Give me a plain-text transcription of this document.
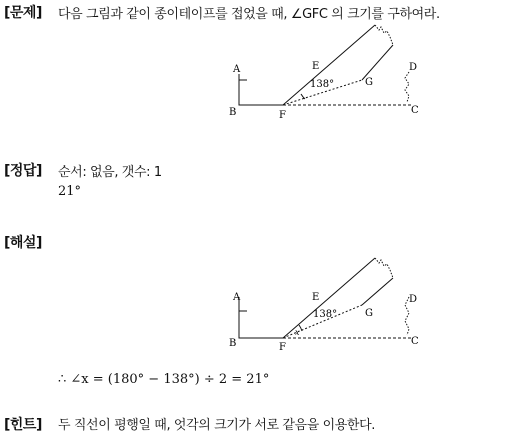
[문제] 다음 그림과 같이 종이테이프를 접었을 때, ∠GFC 의 크기를 구하여라.
A
B	F
E
138°	G
D
C
[정답] 순서: 없음, 갯수: 1
21°
[해설]
A
B	F
E
138°
x
G
D
C
∴ ∠x = (180° − 138°) ÷ 2 = 21°
[힌트] 두 직선이 평행일 때, 엇각의 크기가 서로 같음을 이용한다.
